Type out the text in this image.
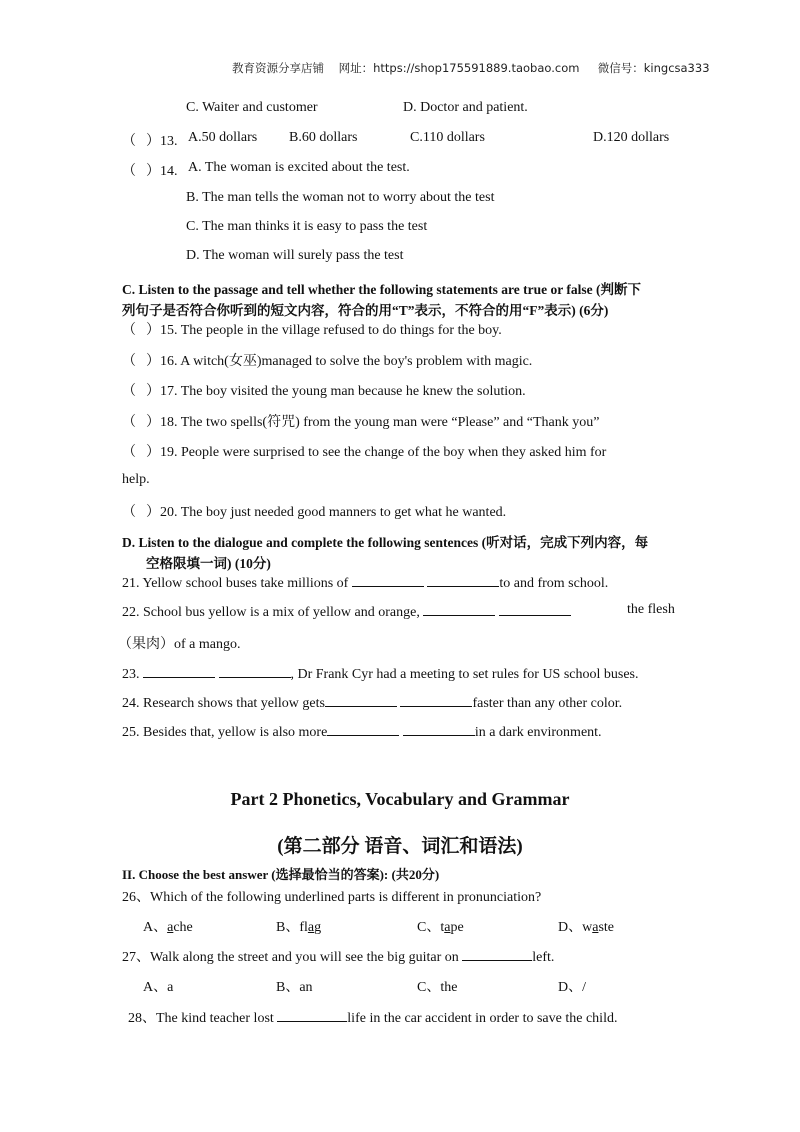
教育资源分享店铺 网址：https://shop175591889.taobao.com 微信号：kingcsa333
C. Waiter and customer	D. Doctor and patient.
（ ）13. A.50 dollars B.60 dollars	C.110 dollars	D.120 dollars
（ ）14. A. The woman is excited about the test.
B. The man tells the woman not to worry about the test
C. The man thinks it is easy to pass the test
D. The woman will surely pass the test
C. Listen to the passage and tell whether the following statements are true or false (判断下
列句子是否符合你听到的短文内容，符合的用“T”表示，不符合的用“F”表示) (6分)
（ ）15. The people in the village refused to do things for the boy.
（ ）16. A witch(女巫)managed to solve the boy's problem with magic.
（ ）17. The boy visited the young man because he knew the solution.
（ ）18. The two spells(符咒) from the young man were “Please” and “Thank you”
（ ）19. People were surprised to see the change of the boy when they asked him for
help.
（ ）20. The boy just needed good manners to get what he wanted.
D. Listen to the dialogue and complete the following sentences (听对话，完成下列内容，每
空格限填一词) (10分)
21. Yellow school buses take millions of	to and from school.
22. School bus yellow is a mix of yellow and orange,	the flesh
（果肉）of a mango.
23.	, Dr Frank Cyr had a meeting to set rules for US school buses.
24. Research shows that yellow gets	faster than any other color.
25. Besides that, yellow is also more	in a dark environment.
Part 2 Phonetics, Vocabulary and Grammar
(第二部分 语音、词汇和语法)
II. Choose the best answer (选择最恰当的答案): (共20分)
26、Which of the following underlined parts is different in pronunciation?
A、ache	B、flag	C、tape	D、waste
27、Walk along the street and you will see the big guitar on	left.
A、a	B、an	C、the	D、/
28、The kind teacher lost	life in the car accident in order to save the child.
